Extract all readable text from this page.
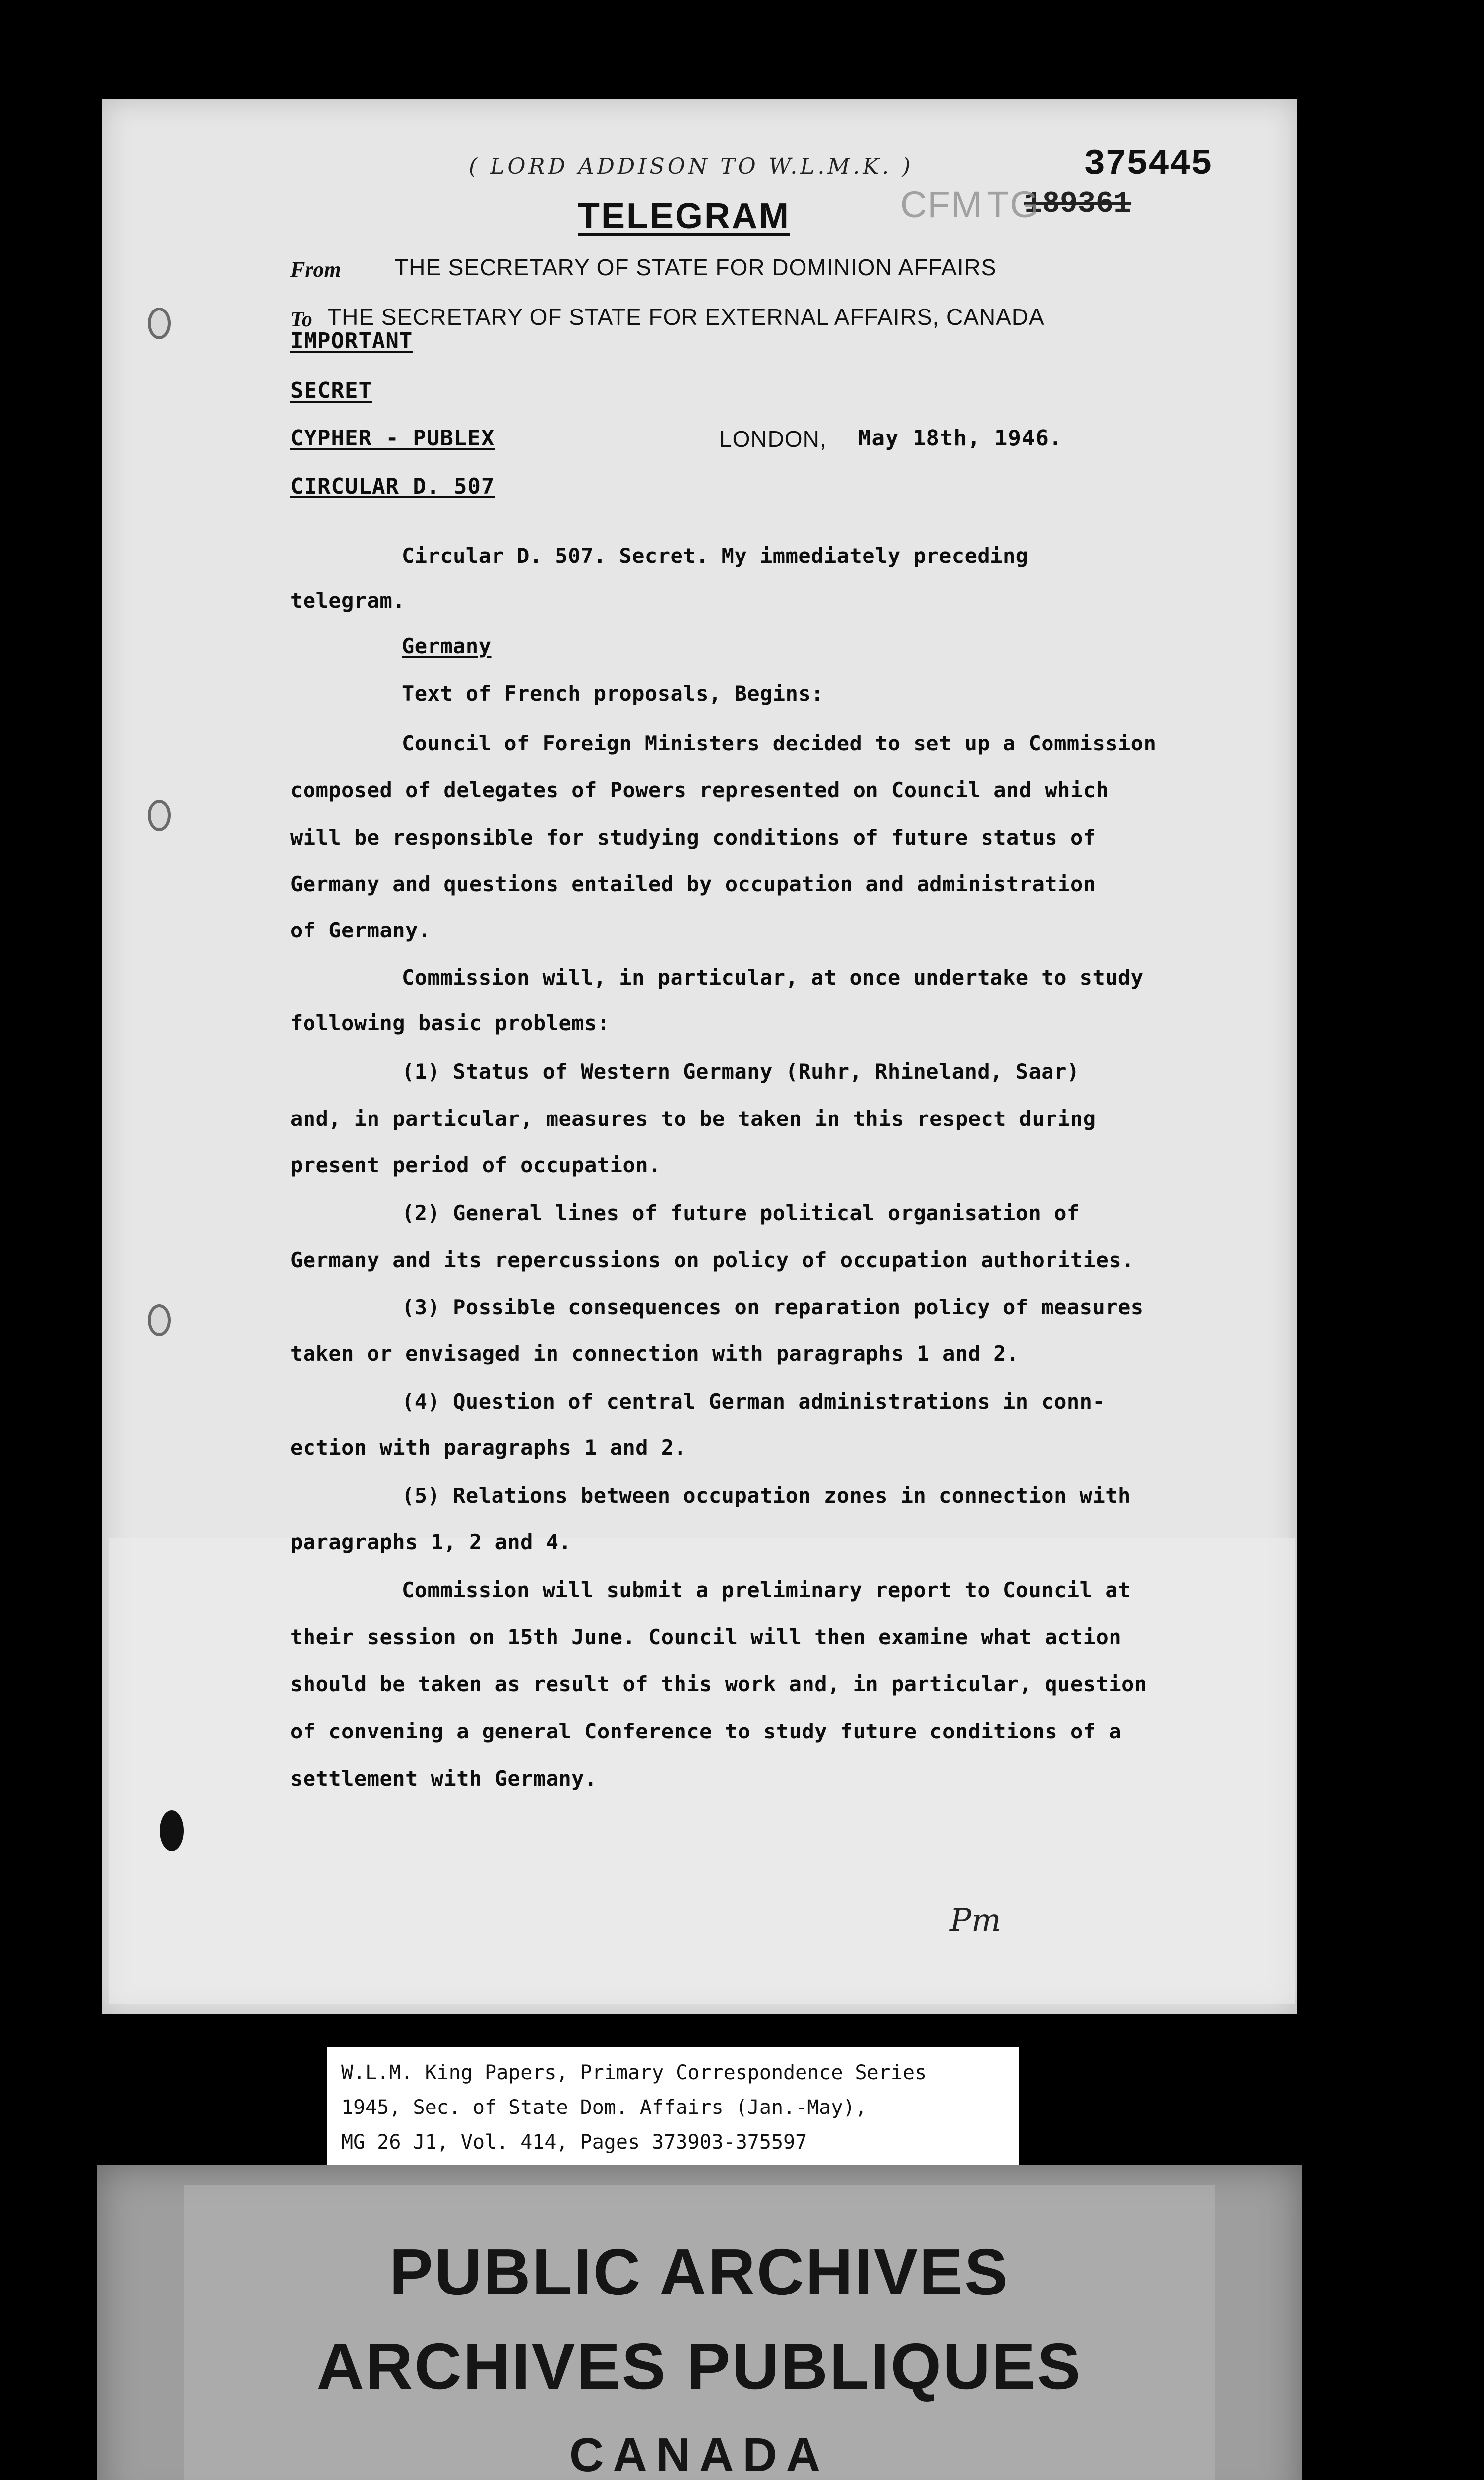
( LORD ADDISON TO W.L.M.K. )
189361
375445
CFM TG
TELEGRAM
From THE SECRETARY OF STATE FOR DOMINION AFFAIRS
To THE SECRETARY OF STATE FOR EXTERNAL AFFAIRS, CANADA
IMPORTANT
SECRET
CYPHER - PUBLEX	LONDON, May 18th, 1946.
CIRCULAR D. 507
Circular D. 507. Secret. My immediately preceding
telegram.
Germany
Text of French proposals, Begins:
Council of Foreign Ministers decided to set up a Commission
composed of delegates of Powers represented on Council and which
will be responsible for studying conditions of future status of
Germany and questions entailed by occupation and administration
of Germany.
Commission will, in particular, at once undertake to study
following basic problems:
(1) Status of Western Germany (Ruhr, Rhineland, Saar)
and, in particular, measures to be taken in this respect during
present period of occupation.
(2) General lines of future political organisation of
Germany and its repercussions on policy of occupation authorities.
(3) Possible consequences on reparation policy of measures
taken or envisaged in connection with paragraphs 1 and 2.
(4) Question of central German administrations in conn-
ection with paragraphs 1 and 2.
(5) Relations between occupation zones in connection with
paragraphs 1, 2 and 4.
Commission will submit a preliminary report to Council at
their session on 15th June. Council will then examine what action
should be taken as result of this work and, in particular, question
of convening a general Conference to study future conditions of a
settlement with Germany.
Pm
W.L.M. King Papers, Primary Correspondence Series
1945, Sec. of State Dom. Affairs (Jan.-May),
MG 26 J1, Vol. 414, Pages 373903-375597
PUBLIC ARCHIVES
ARCHIVES PUBLIQUES
CANADA
